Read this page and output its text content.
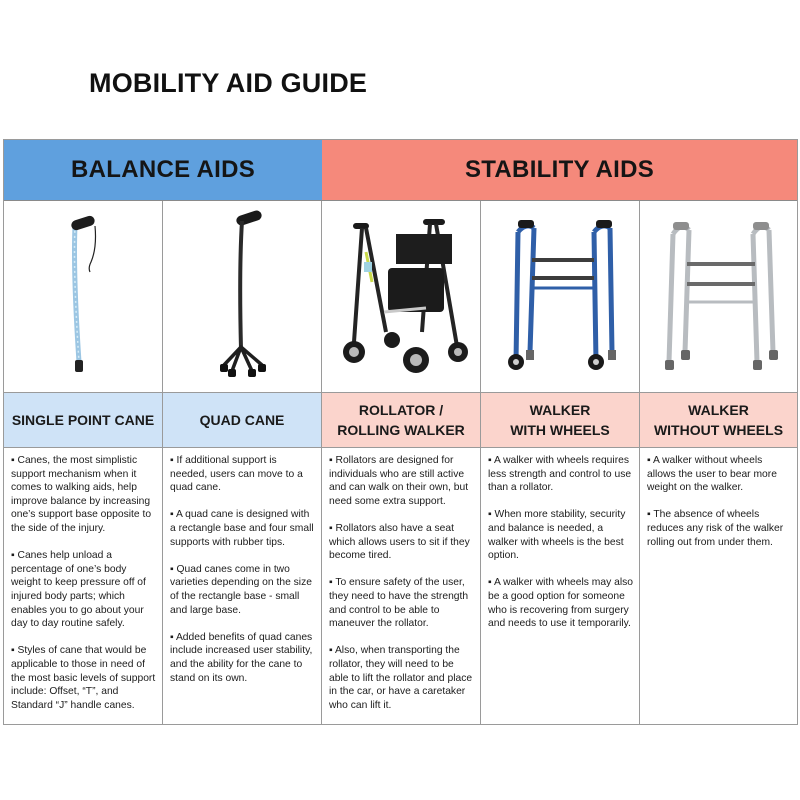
MOBILITY AID GUIDE
BALANCE AIDS	STABILITY AIDS
SINGLE POINT CANE	QUAD CANE
ROLLATOR /
ROLLING WALKER
WALKER
WITH WHEELS
WALKER
WITHOUT WHEELS

▪ Canes, the most simplistic support mechanism when it comes to walking aids, help improve balance by increasing one’s support base opposite to the side of the injury.

▪ Canes help unload a percentage of one’s body weight to keep pressure off of injured body parts; which enables you to go about your day to day routine safely.

▪ Styles of cane that would be applicable to those in need of the most basic levels of support include: Offset, “T”, and Standard “J” handle canes.

▪ If additional support is needed, users can move to a quad cane.

▪ A quad cane is designed with a rectangle base and four small supports with rubber tips.

▪ Quad canes come in two varieties depending on the size of the rectangle base - small and large base.

▪ Added benefits of quad canes include increased user stability, and the ability for the cane to stand on its own.

▪ Rollators are designed for individuals who are still active and can walk on their own, but need some extra support.

▪ Rollators also have a seat which allows users to sit if they become tired.

▪ To ensure safety of the user, they need to have the strength and control to be able to maneuver the rollator.

▪ Also, when transporting the rollator, they will need to be able to lift the rollator and place in the car, or have a caretaker who can lift it.

▪ A walker with wheels requires less strength and control to use than a rollator.

▪ When more stability, security and balance is needed, a walker with wheels is the best option.

▪ A walker with wheels may also be a good option for someone who is recovering from surgery and needs to use it temporarily.

▪ A walker without wheels allows the user to bear more weight on the walker.

▪ The absence of wheels reduces any risk of the walker rolling out from under them.
